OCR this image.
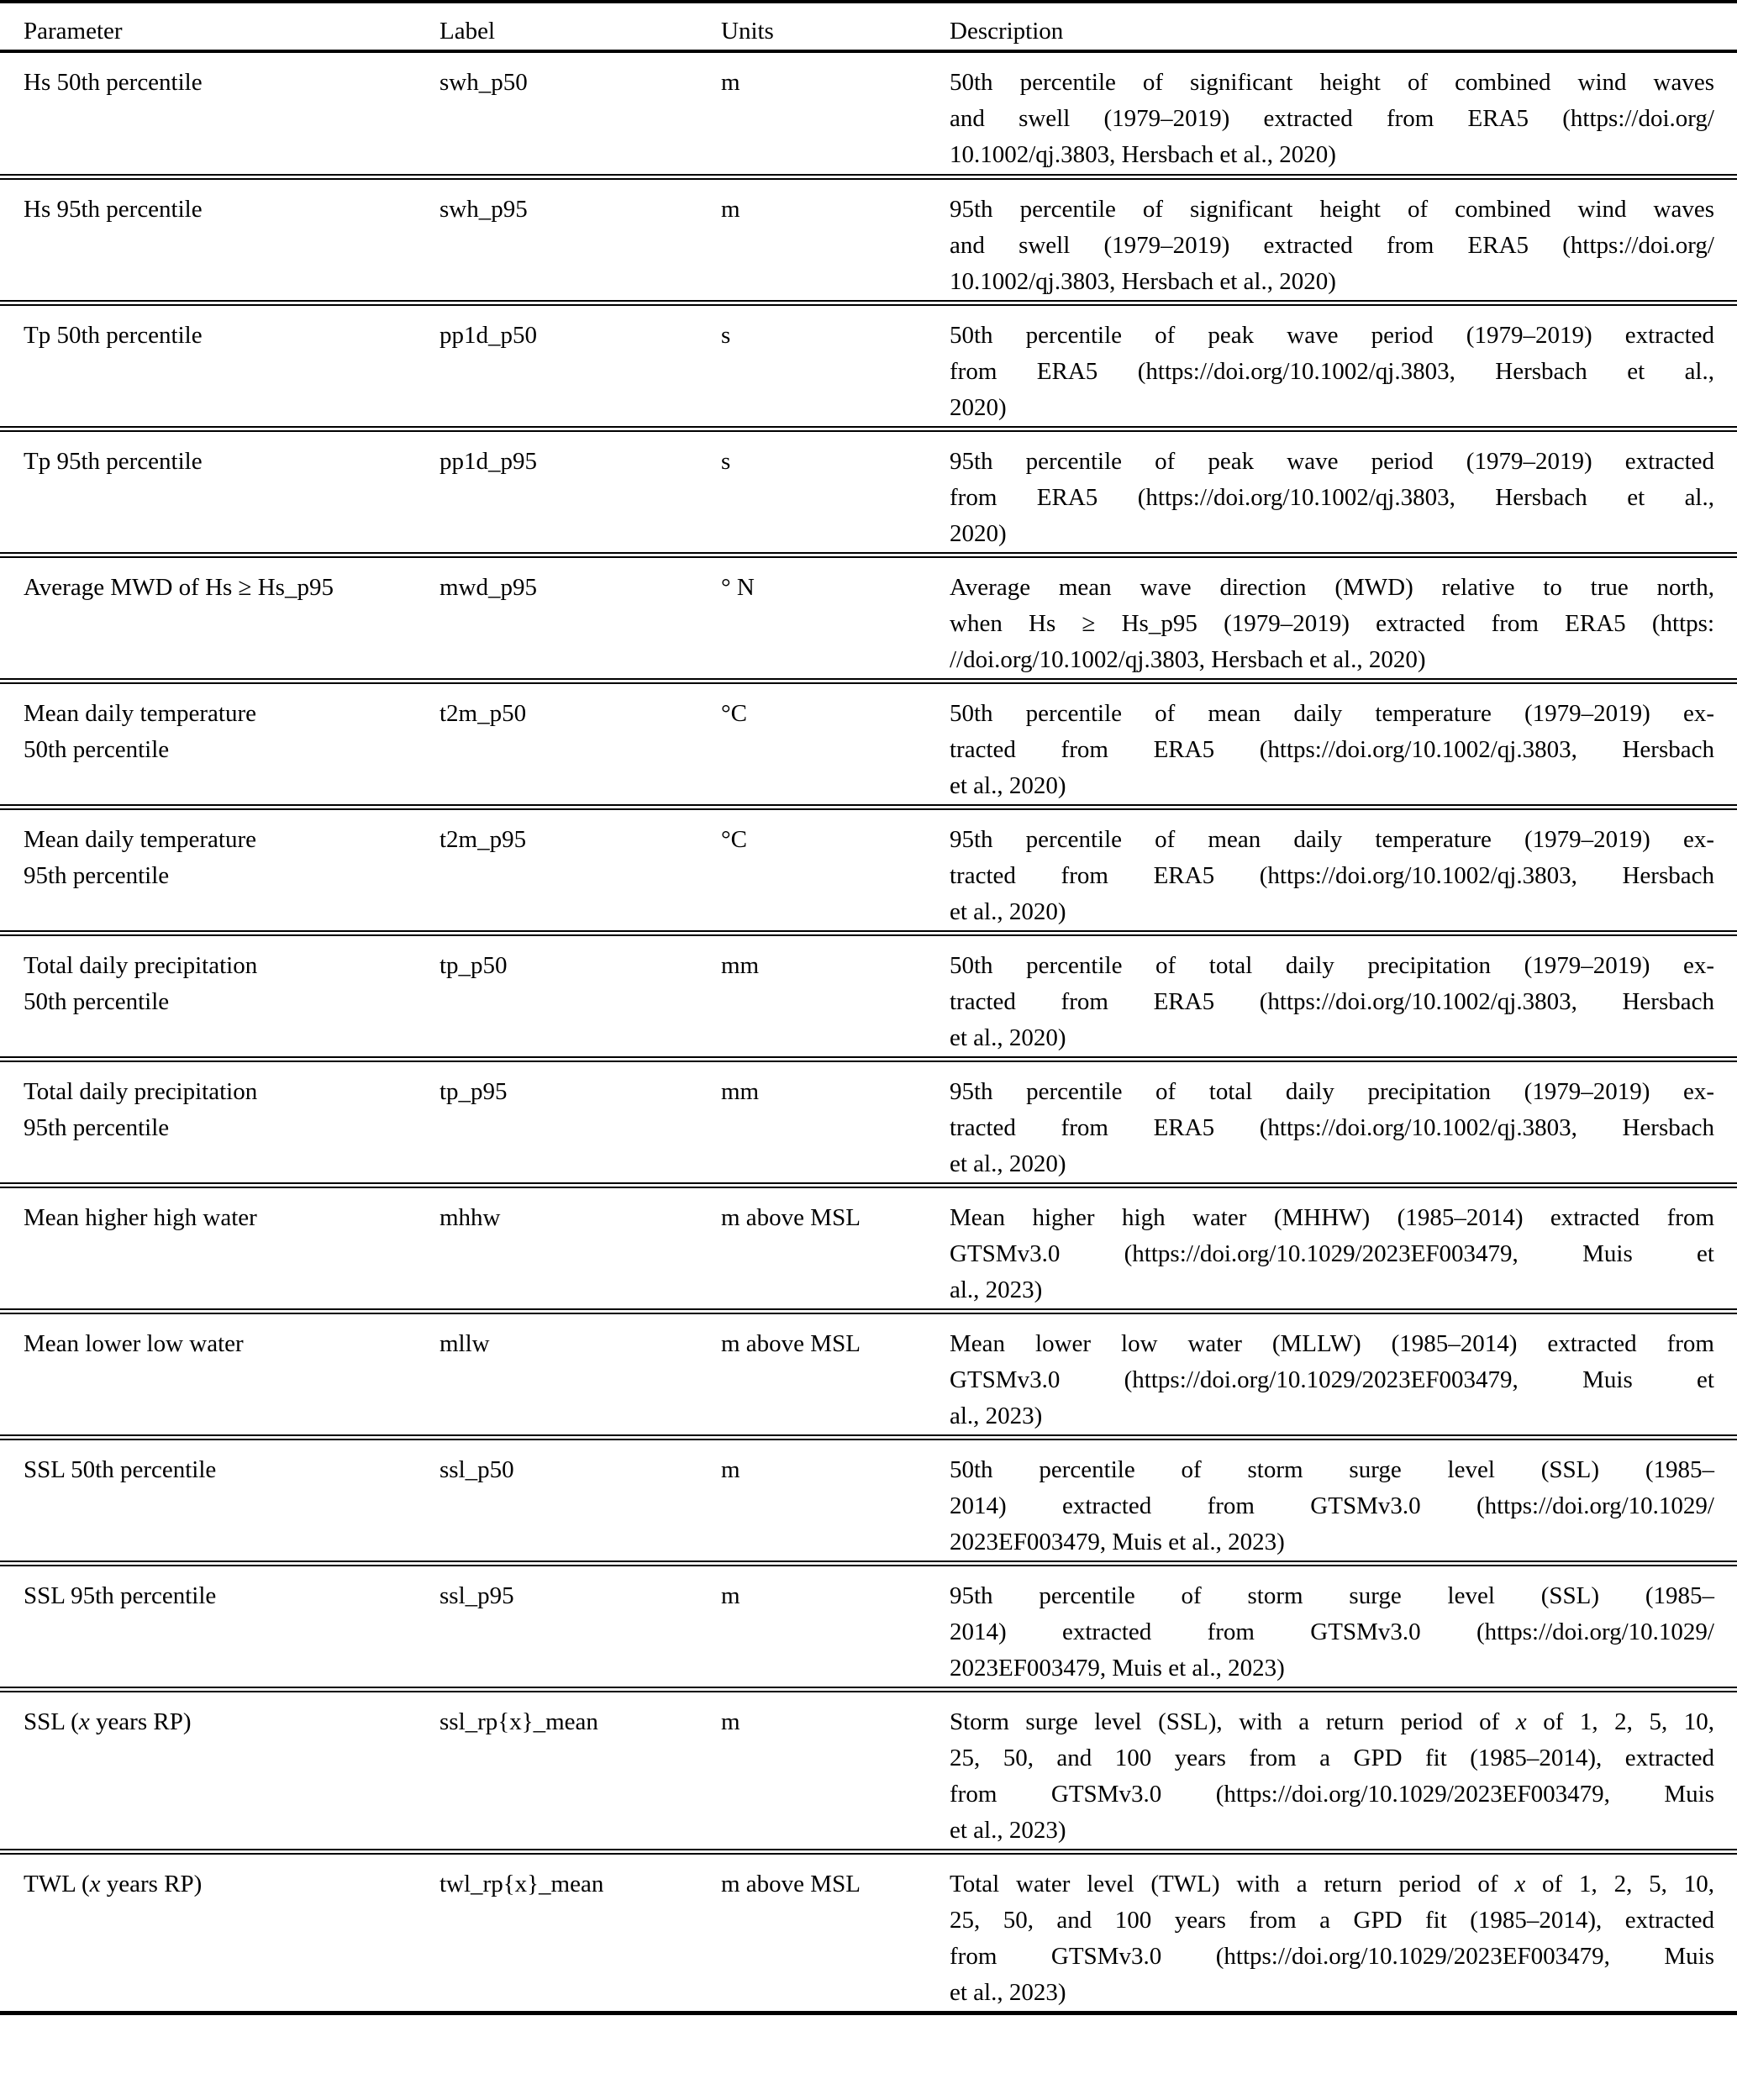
Parameter	Label	Units	Description

Hs 50th percentile	swh_p50	m	50th percentile of significant height of combined wind waves
and swell (1979–2019) extracted from ERA5 (https://doi.org/
10.1002/qj.3803, Hersbach et al., 2020)

Hs 95th percentile	swh_p95	m	95th percentile of significant height of combined wind waves
and swell (1979–2019) extracted from ERA5 (https://doi.org/
10.1002/qj.3803, Hersbach et al., 2020)

Tp 50th percentile	pp1d_p50	s	50th percentile of peak wave period (1979–2019) extracted
from ERA5 (https://doi.org/10.1002/qj.3803, Hersbach et al.,
2020)

Tp 95th percentile	pp1d_p95	s	95th percentile of peak wave period (1979–2019) extracted
from ERA5 (https://doi.org/10.1002/qj.3803, Hersbach et al.,
2020)

Average MWD of Hs ≥ Hs_p95	mwd_p95	° N	Average mean wave direction (MWD) relative to true north,
when Hs ≥ Hs_p95 (1979–2019) extracted from ERA5 (https:
//doi.org/10.1002/qj.3803, Hersbach et al., 2020)

Mean daily temperature
50th percentile
	t2m_p50	°C	50th percentile of mean daily temperature (1979–2019) ex-
tracted from ERA5 (https://doi.org/10.1002/qj.3803, Hersbach
et al., 2020)

Mean daily temperature
95th percentile
	t2m_p95	°C	95th percentile of mean daily temperature (1979–2019) ex-
tracted from ERA5 (https://doi.org/10.1002/qj.3803, Hersbach
et al., 2020)

Total daily precipitation
50th percentile
	tp_p50	mm	50th percentile of total daily precipitation (1979–2019) ex-
tracted from ERA5 (https://doi.org/10.1002/qj.3803, Hersbach
et al., 2020)

Total daily precipitation
95th percentile
	tp_p95	mm	95th percentile of total daily precipitation (1979–2019) ex-
tracted from ERA5 (https://doi.org/10.1002/qj.3803, Hersbach
et al., 2020)

Mean higher high water	mhhw	m above MSL	Mean higher high water (MHHW) (1985–2014) extracted from
GTSMv3.0 (https://doi.org/10.1029/2023EF003479, Muis et
al., 2023)

Mean lower low water	mllw	m above MSL	Mean lower low water (MLLW) (1985–2014) extracted from
GTSMv3.0 (https://doi.org/10.1029/2023EF003479, Muis et
al., 2023)

SSL 50th percentile	ssl_p50	m	50th percentile of storm surge level (SSL) (1985–
2014) extracted from GTSMv3.0 (https://doi.org/10.1029/
2023EF003479, Muis et al., 2023)

SSL 95th percentile	ssl_p95	m	95th percentile of storm surge level (SSL) (1985–
2014) extracted from GTSMv3.0 (https://doi.org/10.1029/
2023EF003479, Muis et al., 2023)

SSL (x years RP)	ssl_rp{x}_mean	m	Storm surge level (SSL), with a return period of x of 1, 2, 5, 10,
25, 50, and 100 years from a GPD fit (1985–2014), extracted
from GTSMv3.0 (https://doi.org/10.1029/2023EF003479, Muis
et al., 2023)

TWL (x years RP)	twl_rp{x}_mean	m above MSL	Total water level (TWL) with a return period of x of 1, 2, 5, 10,
25, 50, and 100 years from a GPD fit (1985–2014), extracted
from GTSMv3.0 (https://doi.org/10.1029/2023EF003479, Muis
et al., 2023)
